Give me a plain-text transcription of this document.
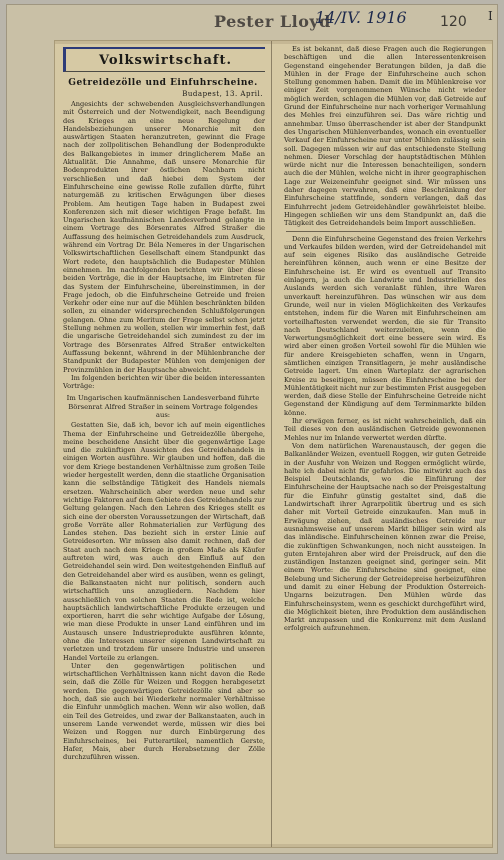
Pester Lloyd
14/IV. 1916 120 I
Volkswirtschaft.
Getreidezölle und Einfuhrscheine.
Budapest, 13. April.

Angesichts der schwebenden Ausgleichsverhandlungen mit Österreich und der Notwendigkeit, nach Beendigung des Krieges an eine neue Regelung der Handelsbeziehungen unserer Monarchie mit den auswärtigen Staaten heranzutreten, gewinnt die Frage nach der zollpolitischen Behandlung der Bodenprodukte des Balkangebietes in immer dringlicherem Maße an Aktualität. Die Annahme, daß unsere Monarchie für Bodenprodukten ihrer östlichen Nachbarn nicht verschließen und daß hiebei dem System der Einfuhrscheine eine gewisse Rolle zufallen dürfte, führt naturgemäß zu kritischen Erwägungen über dieses Problem. Am heutigen Tage haben in Budapest zwei Konferenzen sich mit dieser wichtigen Frage befaßt. Im Ungarischen kaufmännischen Landesverband gelangte in einem Vortrage des Börsenrates Alfred Straßer die Auffassung des heimischen Getreidehandels zum Ausdruck, während ein Vortrag Dr. Béla Nemeres in der Ungarischen Volkswirtschaftlichen Gesellschaft einem Standpunkt das Wort redete, den hauptsächlich die Budapester Mühlen einnehmen. Im nachfolgenden berichten wir über diese beiden Vorträge, die in der Hauptsache, im Eintreten für das System der Einfuhrscheine, übereinstimmen, in der Frage jedoch, ob die Einfuhrscheine Getreide und freien Verkehr oder eine nur auf die Mühlen beschränkten bilden sollen, zu einander widersprechenden Schlußfolgerungen gelangen. Ohne zum Meritum der Frage selbst schon jetzt Stellung nehmen zu wollen, stellen wir immerhin fest, daß die ungarische Getreidehandel sich zumindest zu der im Vortrage des Börsenrates Alfred Straßer entwickelten Auffassung bekennt, während in der Mühlenbranche der Standpunkt der Budapester Mühlen von demjenigen der Provinzmühlen in der Hauptsache abweicht.

Im folgenden berichten wir über die beiden interessanten Vorträge:

Im Ungarischen kaufmännischen Landesverband führte Börsenrat Alfred Straßer in seinem Vortrage folgendes aus:

Gestatten Sie, daß ich, bevor ich auf mein eigentliches Thema der Einfuhrscheine und Getreidezölle übergehe, meine bescheidene Ansicht über die gegenwärtige Lage und die zukünftigen Aussichten des Getreidehandels in einigen Worten ausführe. Wir glauben und hoffen, daß die vor dem Kriege bestandenen Verhältnisse zum großen Teile wieder hergestellt werden, denn die staatliche Organisation kann die selbständige Tätigkeit des Handels niemals ersetzen. Wahrscheinlich aber werden neue und sehr wichtige Faktoren auf dem Gebiete des Getreidehandels zur Geltung gelangen. Nach den Lehren des Krieges stellt es sich eine der obersten Voraussetzungen der Wirtschaft, daß große Vorräte aller Rohmaterialien zur Verfügung des Landes stehen. Das bezieht sich in erster Linie auf Getreidesorten. Wir müssen also damit rechnen, daß der Staat auch nach dem Kriege in großem Maße als Käufer auftreten wird, was auch den Einfluß auf den Getreidehandel sein wird. Den weitestgehenden Einfluß auf den Getreidehandel aber wird es ausüben, wenn es gelingt, die Balkanstaaten nicht nur politisch, sondern auch wirtschaftlich uns anzugliedern. Nachdem hier ausschließlich von solchen Staaten die Rede ist, welche hauptsächlich landwirtschaftliche Produkte erzeugen und exportieren, harrt die sehr wichtige Aufgabe der Lösung, wie man diese Produkte in unser Land einführen und im Austausch unsere Industrieprodukte ausführen könnte, ohne die Interessen unserer eigenen Landwirtschaft zu verletzen und trotzdem für unsere Industrie und unseren Handel Vorteile zu erlangen.

Unter den gegenwärtigen politischen und wirtschaftlichen Verhältnissen kann nicht davon die Rede sein, daß die Zölle für Weizen und Roggen herabgesetzt werden. Die gegenwärtigen Getreidezölle sind aber so hoch, daß sie auch bei Wiederkehr normaler Verhältnisse die Einfuhr unmöglich machen. Wenn wir also wollen, daß ein Teil des Getreides, und zwar der Balkanstaaten, auch in unserem Lande verwendet werde, müssen wir dies bei Weizen und Roggen nur durch Einbürgerung des Einfuhrscheines, bei Futterartikel, namentlich Gerste, Hafer, Mais, aber durch Herabsetzung der Zölle durchzuführen wissen.

Es ist bekannt, daß diese Fragen auch die Regierungen beschäftigen und die allen Interessentenkreisen Gegenstand eingehender Beratungen bilden, ja daß die Mühlen in der Frage der Einfuhrscheine auch schon Stellung genommen haben. Damit die im Mühlenkreise vor einiger Zeit vorgenommenen Wünsche nicht wieder möglich werden, schlagen die Mühlen vor, daß Getreide auf Grund der Einfuhrscheine nur nach vorheriger Vermahlung des Mehles frei einzuführen sei. Das wäre richtig und annehmbar. Umso überraschender ist aber der Standpunkt des Ungarischen Mühlenverbandes, wonach ein eventueller Verkauf der Einfuhrscheine nur unter Mühlen zulässig sein soll. Dagegen müssen wir auf das entschiedenste Stellung nehmen. Dieser Vorschlag der hauptstädtischen Mühlen würde nicht nur die Interessen benachteiligen, sondern auch die der Mühlen, welche nicht in ihrer geographischen Lage zur Weizeneinfuhr geeignet sind. Wir müssen uns daher dagegen verwahren, daß eine Beschränkung der Einfuhrscheine stattfinde, sondern verlangen, daß das Einfuhrrecht jedem Getreidehändler gewährleistet bleibe. Hingegen schließen wir uns dem Standpunkt an, daß die Tätigkeit des Getreidehandels beim Import ausschließen.

Denn die Einfuhrscheine Gegenstand des freien Verkehrs und Verkaufes bilden werden, wird der Getreidehandel mit auf sein eigenes Risiko das ausländische Getreide hereinführen können, auch wenn er eine Besitze der Einfuhrscheine ist. Er wird es eventuell auf Transito einlagern, ja auch die Landwirte und Industriellen des Auslands werden sich veranlaßt fühlen, ihre Waren unverkauft hereinzuführen. Das wünschen wir aus dem Grunde, weil nur in vielen Möglichkeiten des Verkaufes entstehen, indem für die Waren mit Einfuhrscheinen am vorteilhaftesten verwendet werden, die sie für Transito nach Deutschland weiterzuleiten, wenn die Verwertungsmöglichkeit dort eine bessere sein wird. Es wird aber einen großen Vorteil sowohl für die Mühlen wie für andere Kreisgebieten schaffen, wenn in Ungarn, sämtlichen einzigen Transitlagern, je mehr ausländische Getreide lagert. Um einen Warteplatz der agrarischen Kreise zu beseitigen, müssen die Einfuhrscheine bei der Mühlentätigkeit nicht nur zur bestimmten Frist ausgegeben werden, daß diese Stelle der Einfuhrscheine Getreide nicht Gegenstand der Kündigung auf dem Terminmarkte bilden könne.

Ihr erwägen ferner, es ist nicht wahrscheinlich, daß ein Teil dieses von den ausländischen Getreide gewonnenen Mehles nur im Inlande verwertet werden dürfte.

Von dem natürlichen Warenaustausch, der gegen die Balkanländer Weizen, eventuell Roggen, wir guten Getreide in der Ausfuhr von Weizen und Roggen ermöglicht würde, halte ich dabei nicht für gefahrlos. Die mitwirkt auch das Beispiel Deutschlands, wo die Einführung der Einfuhrscheine der Hauptsache nach so der Preisgestaltung für die Einfuhr günstig gestaltet sind, daß die Landwirtschaft ihrer Agrarpolitik übertrug und es sich daher mit Vorteil Getreide einzukaufen. Man muß in Erwägung ziehen, daß ausländisches Getreide nur ausnahmsweise auf unserem Markt billiger sein wird als das inländische. Einfuhrscheinen können zwar die Preise, die zukünftigen Schwankungen, noch nicht aussteigen. In guten Erntejahren aber wird der Preisdruck, auf den die zuständigen Instanzen geeignet sind, geringer sein. Mit einem Worte: die Einfuhrscheine sind geeignet, eine Belebung und Sicherung der Getreidepreise herbeizuführen und damit zu einer Hebung der Produktion Österreich-Ungarns beizutragen. Den Mühlen würde das Einfuhrscheinsystem, wenn es geschickt durchgeführt wird, die Möglichkeit bieten, ihre Produktion dem ausländischen Markt anzupassen und die Konkurrenz mit dem Ausland erfolgreich aufzunehmen.
